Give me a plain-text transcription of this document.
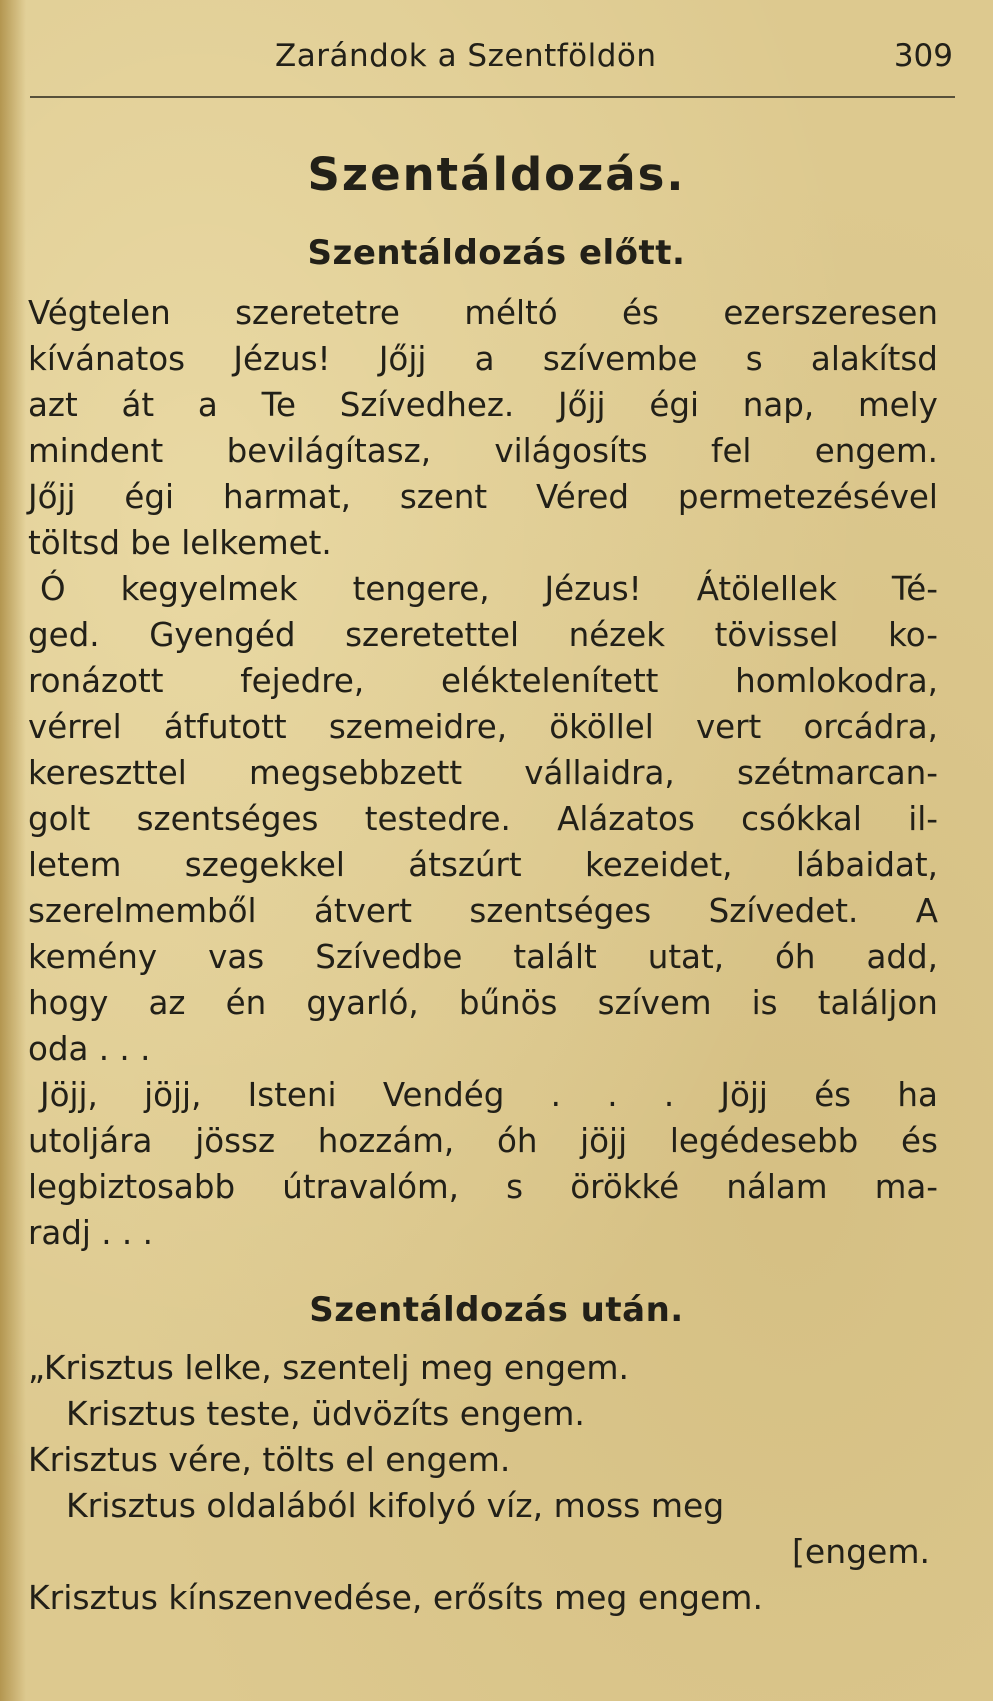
Zarándok a Szentföldön	309
Szentáldozás.
Szentáldozás előtt.
Végtelen szeretetre méltó és ezerszeresen
kívánatos Jézus! Jőjj a szívembe s alakítsd
azt át a Te Szívedhez. Jőjj égi nap, mely
mindent bevilágítasz, világosíts fel engem.
Jőjj égi harmat, szent Véred permetezésével
töltsd be lelkemet.
Ó kegyelmek tengere, Jézus! Átölellek Té-
ged. Gyengéd szeretettel nézek tövissel ko-
ronázott fejedre, eléktelenített homlokodra,
vérrel átfutott szemeidre, ököllel vert orcádra,
kereszttel megsebbzett vállaidra, szétmarcan-
golt szentséges testedre. Alázatos csókkal il-
letem szegekkel átszúrt kezeidet, lábaidat,
szerelmemből átvert szentséges Szívedet. A
kemény vas Szívedbe talált utat, óh add,
hogy az én gyarló, bűnös szívem is találjon
oda . . .
Jöjj, jöjj, Isteni Vendég . . . Jöjj és ha
utoljára jössz hozzám, óh jöjj legédesebb és
legbiztosabb útravalóm, s örökké nálam ma-
radj . . .
Szentáldozás után.
„Krisztus lelke, szentelj meg engem.
Krisztus teste, üdvözíts engem.
Krisztus vére, tölts el engem.
Krisztus oldalából kifolyó víz, moss meg
[engem.
Krisztus kínszenvedése, erősíts meg engem.
